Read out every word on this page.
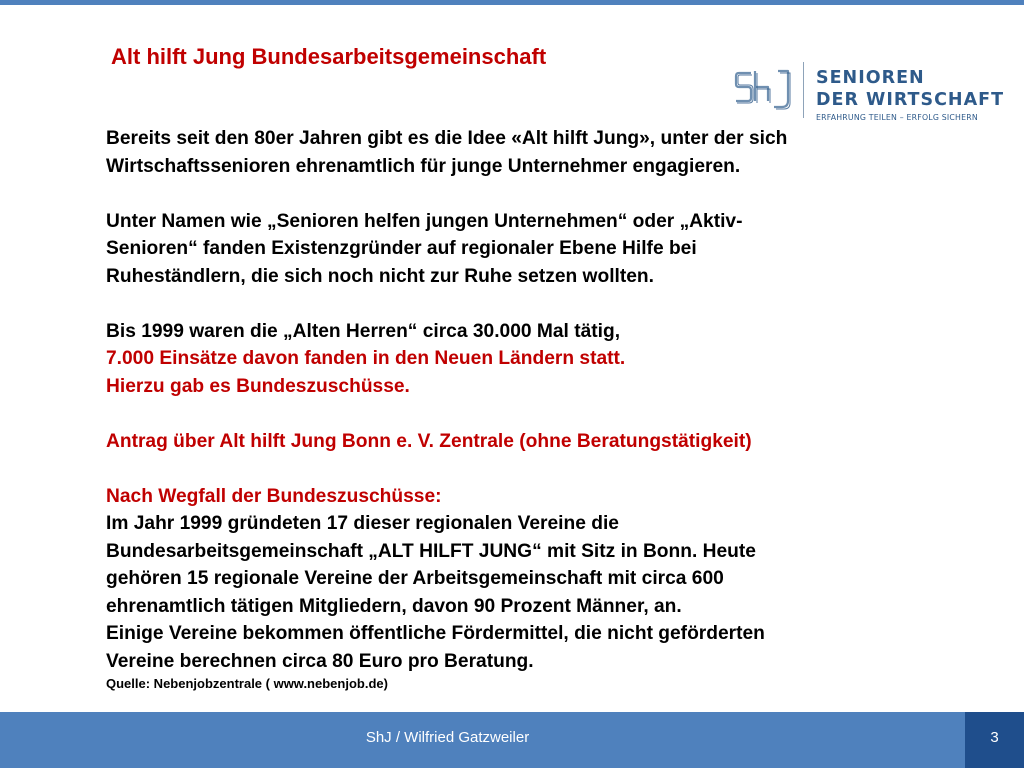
Alt hilft Jung Bundesarbeitsgemeinschaft
SENIOREN
DER WIRTSCHAFT
ERFAHRUNG TEILEN – ERFOLG SICHERN
Bereits seit den 80er Jahren gibt es die Idee «Alt hilft Jung», unter der sich
Wirtschaftssenioren ehrenamtlich für junge Unternehmer engagieren.
Unter Namen wie „Senioren helfen jungen Unternehmen“ oder „Aktiv-
Senioren“ fanden Existenzgründer auf regionaler Ebene Hilfe bei
Ruheständlern, die sich noch nicht zur Ruhe setzen wollten.
Bis 1999 waren die „Alten Herren“ circa 30.000 Mal tätig,
7.000 Einsätze davon fanden in den Neuen Ländern statt.
Hierzu gab es Bundeszuschüsse.
Antrag über Alt hilft Jung Bonn e. V. Zentrale (ohne Beratungstätigkeit)
Nach Wegfall der Bundeszuschüsse:
Im Jahr 1999 gründeten 17 dieser regionalen Vereine die
Bundesarbeitsgemeinschaft „ALT HILFT JUNG“ mit Sitz in Bonn. Heute
gehören 15 regionale Vereine der Arbeitsgemeinschaft mit circa 600
ehrenamtlich tätigen Mitgliedern, davon 90 Prozent Männer, an.
Einige Vereine bekommen öffentliche Fördermittel, die nicht geförderten
Vereine berechnen circa 80 Euro pro Beratung.
Quelle: Nebenjobzentrale ( www.nebenjob.de)
ShJ / Wilfried Gatzweiler	3
